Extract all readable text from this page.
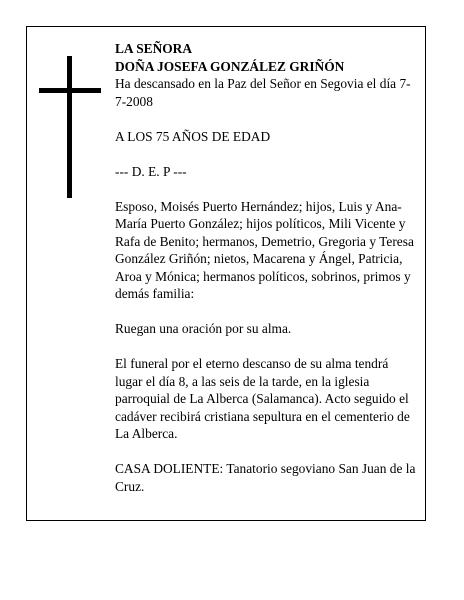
LA SEÑORA

DOÑA JOSEFA GONZÁLEZ GRIÑÓN

Ha descansado en la Paz del Señor en Segovia el día 7-7-2008

A LOS 75 AÑOS DE EDAD

--- D. E. P ---

Esposo, Moisés Puerto Hernández; hijos, Luis y Ana-María Puerto González; hijos políticos, Mili Vicente y Rafa de Benito; hermanos, Demetrio, Gregoria y Teresa González Griñón; nietos, Macarena y Ángel, Patricia, Aroa y Mónica; hermanos políticos, sobrinos, primos y demás familia:

Ruegan una oración por su alma.

El funeral por el eterno descanso de su alma tendrá lugar el día 8, a las seis de la tarde, en la iglesia parroquial de La Alberca (Salamanca). Acto seguido el cadáver recibirá cristiana sepultura en el cementerio de La Alberca.

CASA DOLIENTE: Tanatorio segoviano San Juan de la Cruz.
